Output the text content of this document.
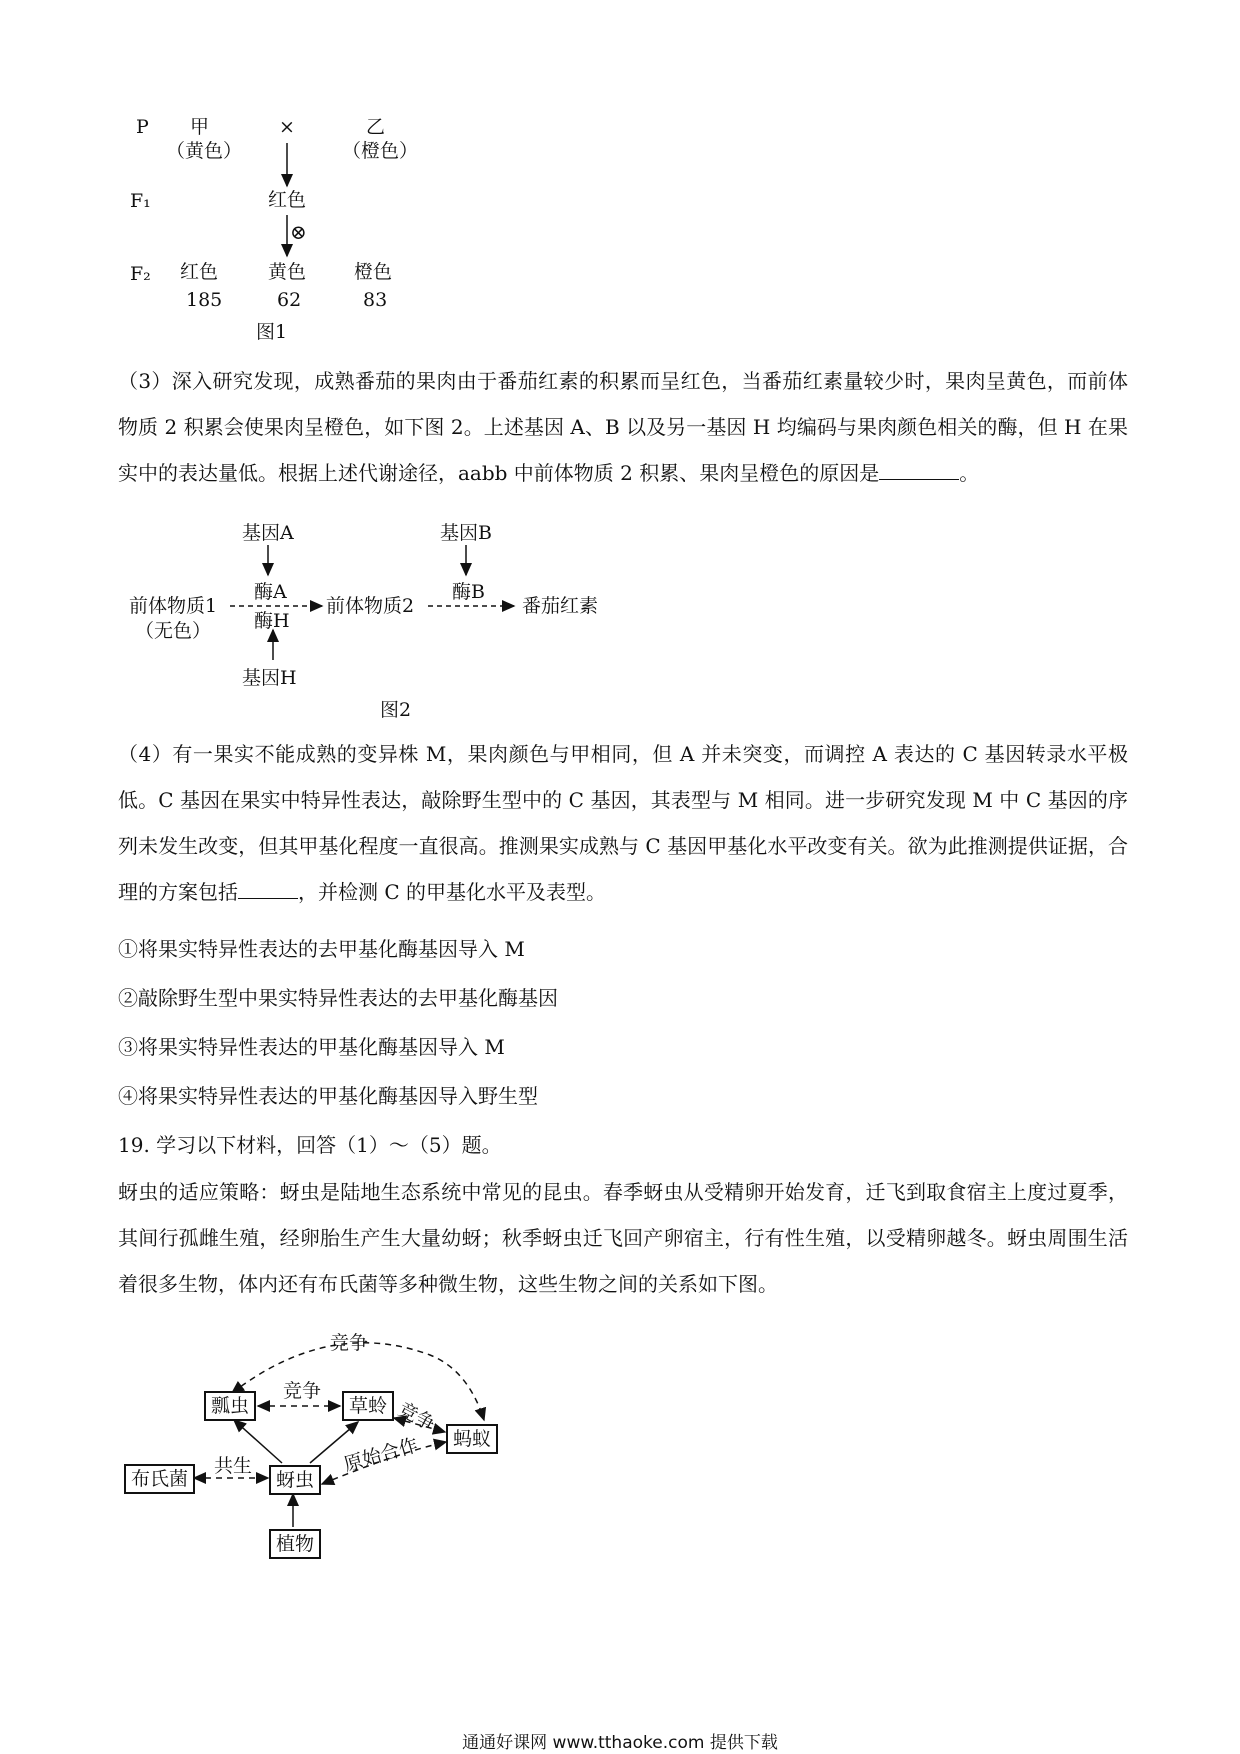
P 甲
（黄色）
×	乙
（橙色）
F₁	红色
⊗
F₂ 红色	黄色	橙色
185	62	83
图1
（3）深入研究发现，成熟番茄的果肉由于番茄红素的积累而呈红色，当番茄红素量较少时，果肉呈黄色，而前体物质 2 积累会使果肉呈橙色，如下图 2。上述基因 A、B 以及另一基因 H 均编码与果肉颜色相关的酶，但 H 在果实中的表达量低。根据上述代谢途径，aabb 中前体物质 2 积累、果肉呈橙色的原因是	。
基因A
酶A
酶H
基因H
前体物质1
（无色）
前体物质2
基因B
酶B
番茄红素
图2
（4）有一果实不能成熟的变异株 M，果肉颜色与甲相同，但 A 并未突变，而调控 A 表达的 C 基因转录水平极低。C 基因在果实中特异性表达，敲除野生型中的 C 基因，其表型与 M 相同。进一步研究发现 M 中 C 基因的序列未发生改变，但其甲基化程度一直很高。推测果实成熟与 C 基因甲基化水平改变有关。欲为此推测提供证据，合理的方案包括	，并检测 C 的甲基化水平及表型。
①将果实特异性表达的去甲基化酶基因导入 M
②敲除野生型中果实特异性表达的去甲基化酶基因
③将果实特异性表达的甲基化酶基因导入 M
④将果实特异性表达的甲基化酶基因导入野生型
19. 学习以下材料，回答（1）～（5）题。
蚜虫的适应策略：蚜虫是陆地生态系统中常见的昆虫。春季蚜虫从受精卵开始发育，迁飞到取食宿主上度过夏季，其间行孤雌生殖，经卵胎生产生大量幼蚜；秋季蚜虫迁飞回产卵宿主，行有性生殖，以受精卵越冬。蚜虫周围生活着很多生物，体内还有布氏菌等多种微生物，这些生物之间的关系如下图。
瓢虫	草蛉
蚂蚁
布氏菌	蚜虫
植物
竞争
竞争
竞争
共生	原始合作
通通好课网 www.tthaoke.com 提供下载
